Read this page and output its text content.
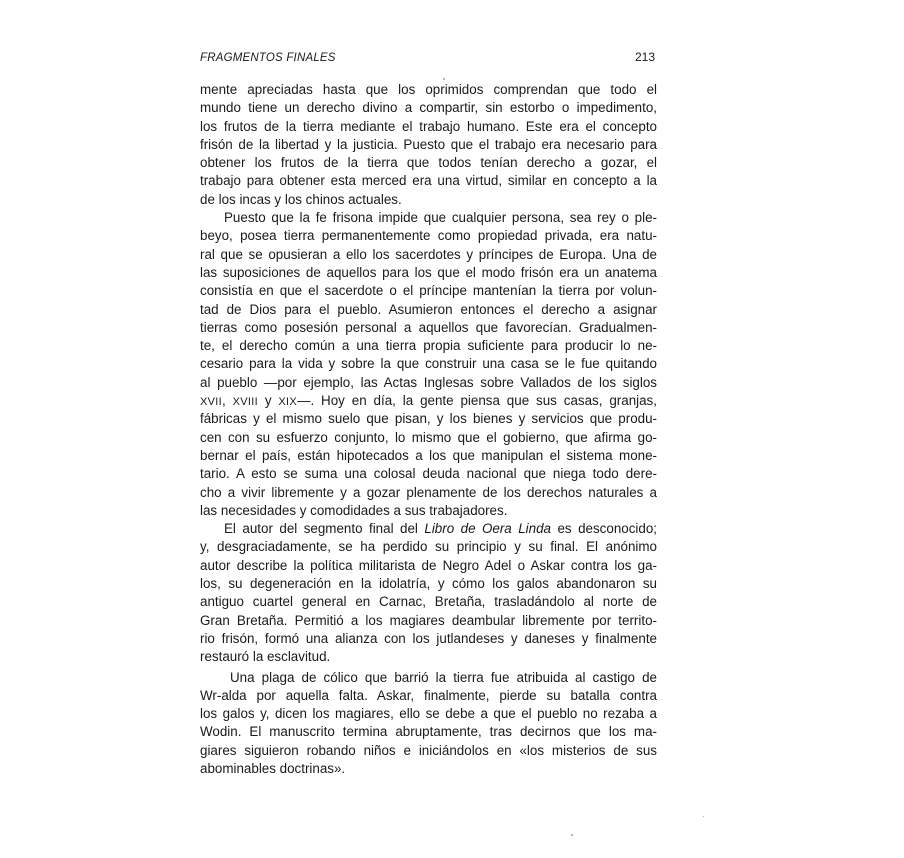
FRAGMENTOS FINALES	213
mente apreciadas hasta que los oprimidos comprendan que todo el
mundo tiene un derecho divino a compartir, sin estorbo o impedimento,
los frutos de la tierra mediante el trabajo humano. Este era el concepto
frisón de la libertad y la justicia. Puesto que el trabajo era necesario para
obtener los frutos de la tierra que todos tenían derecho a gozar, el
trabajo para obtener esta merced era una virtud, similar en concepto a la
de los incas y los chinos actuales.
Puesto que la fe frisona impide que cualquier persona, sea rey o ple-
beyo, posea tierra permanentemente como propiedad privada, era natu-
ral que se opusieran a ello los sacerdotes y príncipes de Europa. Una de
las suposiciones de aquellos para los que el modo frisón era un anatema
consistía en que el sacerdote o el príncipe mantenían la tierra por volun-
tad de Dios para el pueblo. Asumieron entonces el derecho a asignar
tierras como posesión personal a aquellos que favorecían. Gradualmen-
te, el derecho común a una tierra propia suficiente para producir lo ne-
cesario para la vida y sobre la que construir una casa se le fue quitando
al pueblo —por ejemplo, las Actas Inglesas sobre Vallados de los siglos
XVII, XVIII y XIX—. Hoy en día, la gente piensa que sus casas, granjas,
fábricas y el mismo suelo que pisan, y los bienes y servicios que produ-
cen con su esfuerzo conjunto, lo mismo que el gobierno, que afirma go-
bernar el país, están hipotecados a los que manipulan el sistema mone-
tario. A esto se suma una colosal deuda nacional que niega todo dere-
cho a vivir libremente y a gozar plenamente de los derechos naturales a
las necesidades y comodidades a sus trabajadores.
El autor del segmento final del Libro de Oera Linda es desconocido;
y, desgraciadamente, se ha perdido su principio y su final. El anónimo
autor describe la política militarista de Negro Adel o Askar contra los ga-
los, su degeneración en la idolatría, y cómo los galos abandonaron su
antiguo cuartel general en Carnac, Bretaña, trasladándolo al norte de
Gran Bretaña. Permitió a los magiares deambular libremente por territo-
rio frisón, formó una alianza con los jutlandeses y daneses y finalmente
restauró la esclavitud.
Una plaga de cólico que barrió la tierra fue atribuida al castigo de
Wr-alda por aquella falta. Askar, finalmente, pierde su batalla contra
los galos y, dicen los magiares, ello se debe a que el pueblo no rezaba a
Wodin. El manuscrito termina abruptamente, tras decirnos que los ma-
giares siguieron robando niños e iniciándolos en «los misterios de sus
abominables doctrinas».
